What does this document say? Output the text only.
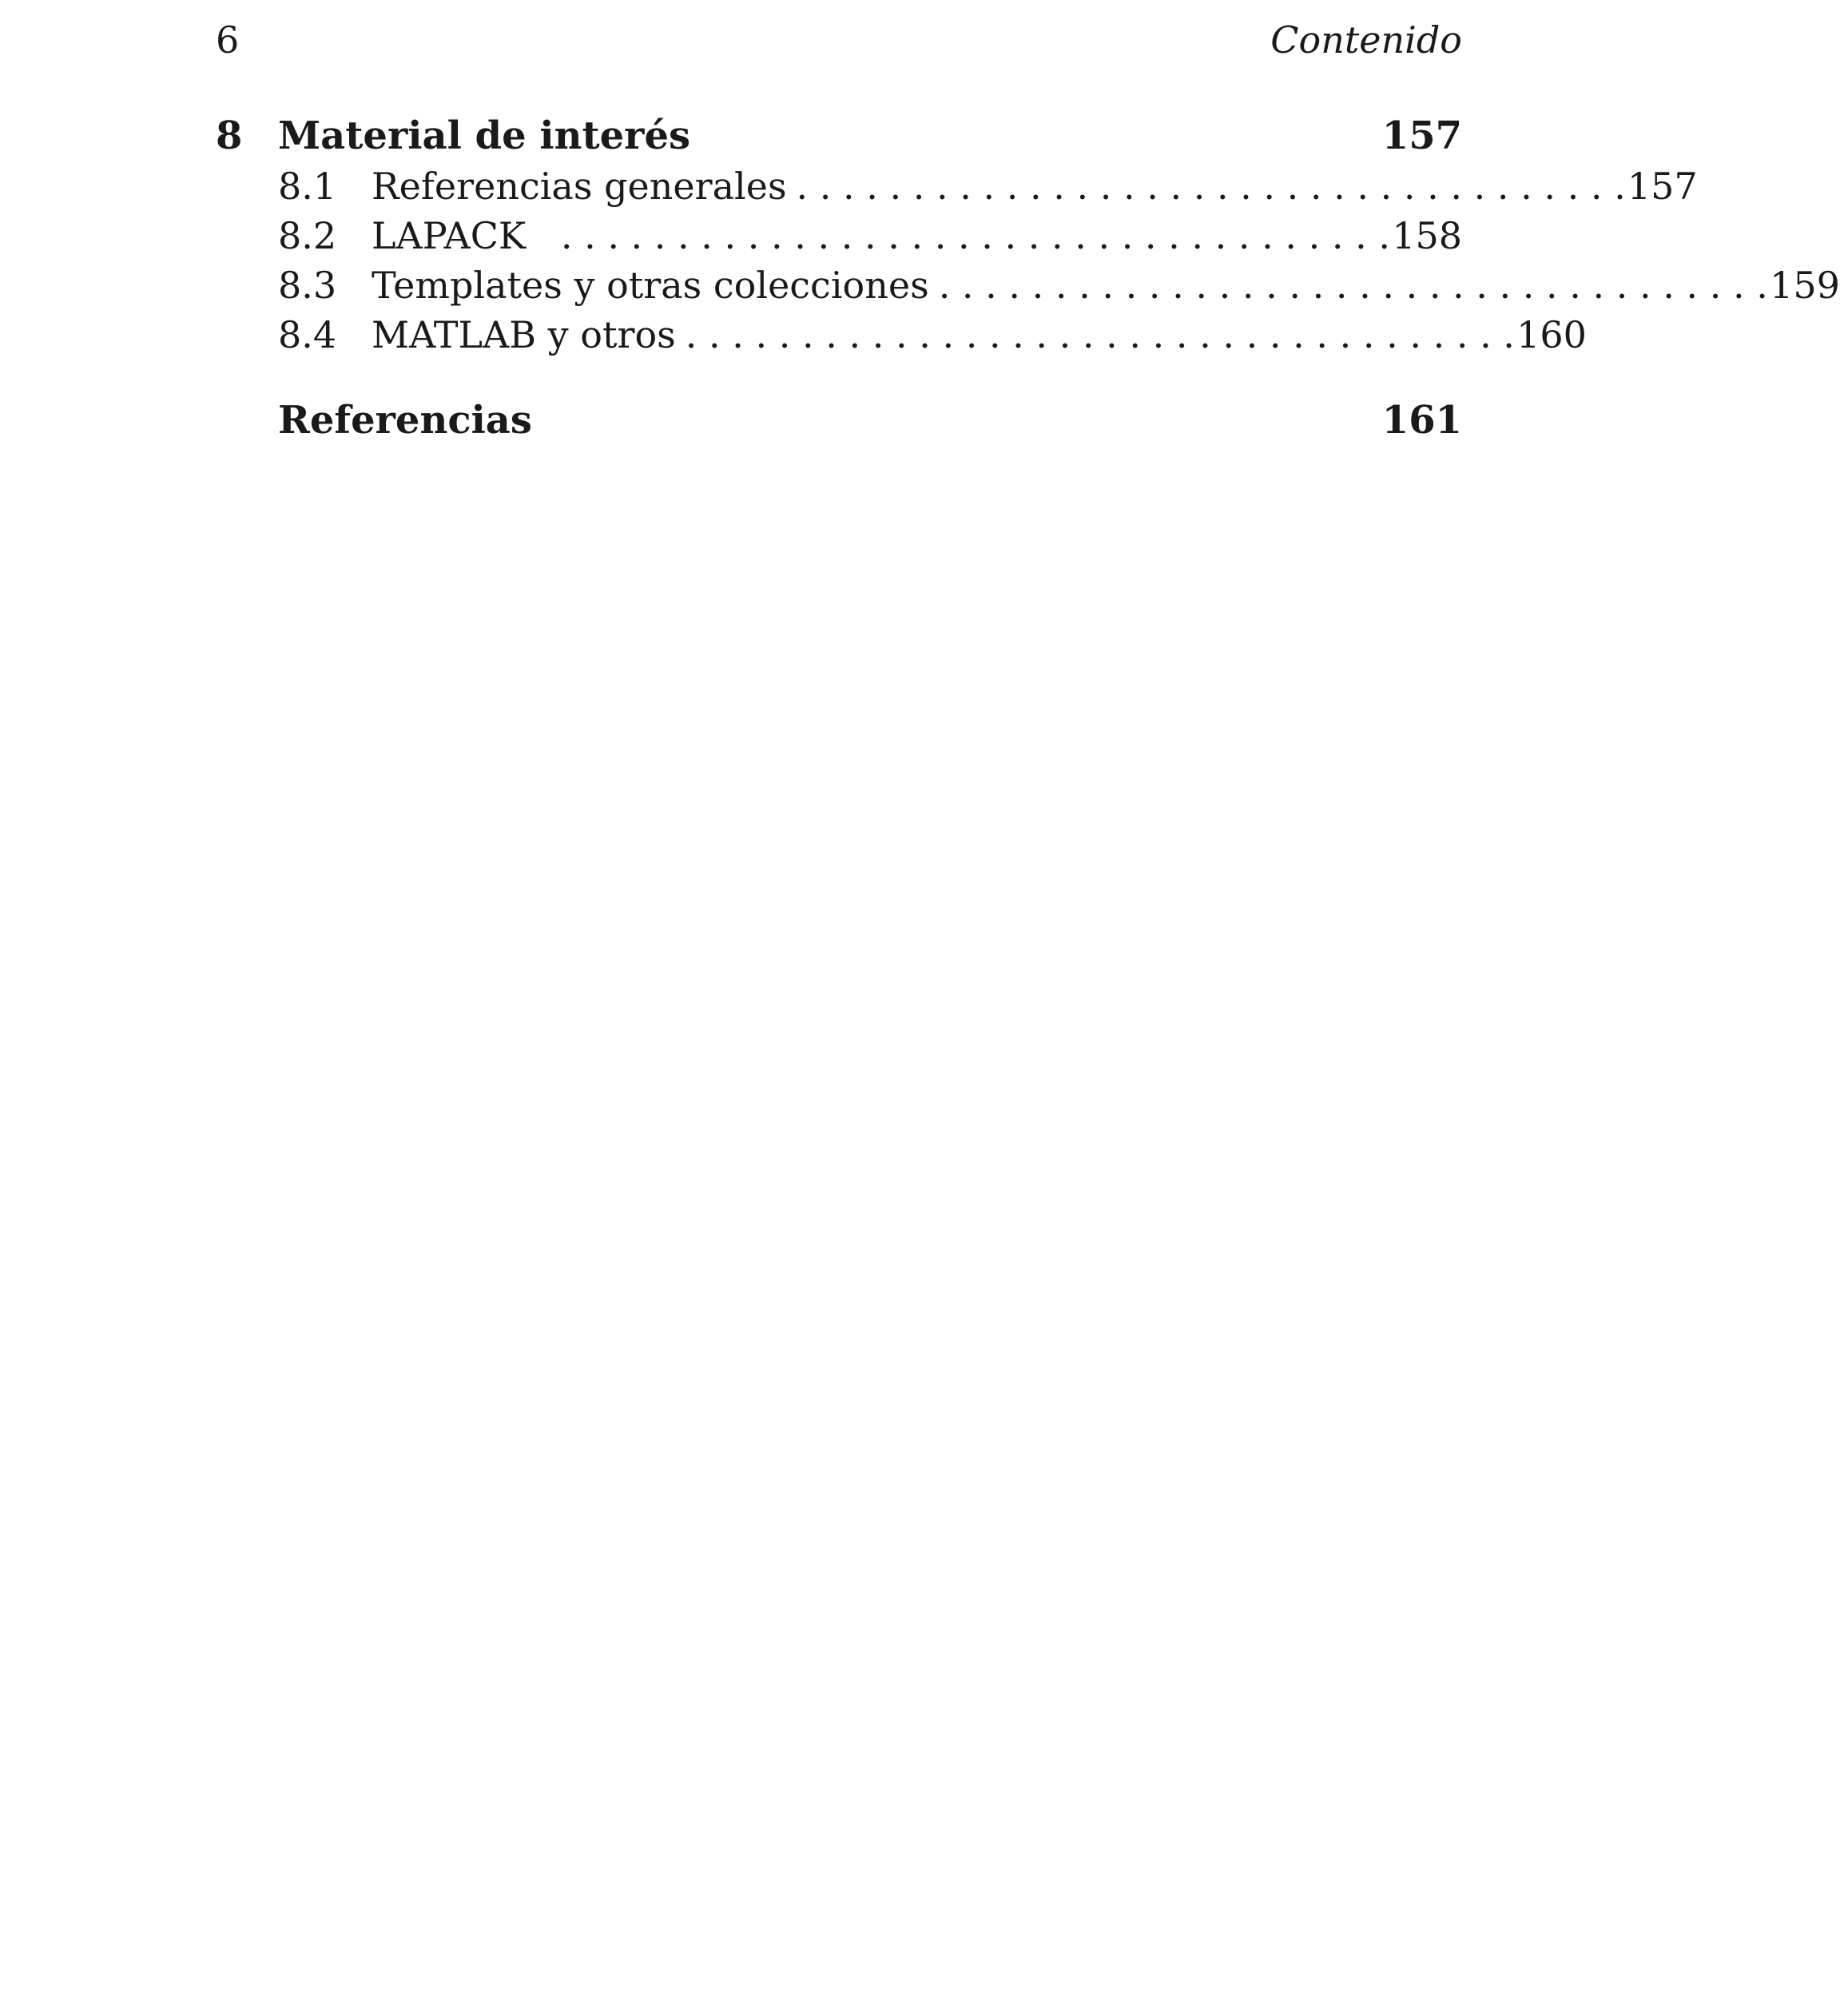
6	Contenido
8 Material de interés	157
8.1 Referencias generales . . . . . . . . . . . . . . . . . . . . . . . . . . . . . . . . . . . . 157
8.2 LAPACK . . . . . . . . . . . . . . . . . . . . . . . . . . . . . . . . . . . . 158
8.3 Templates y otras colecciones . . . . . . . . . . . . . . . . . . . . . . . . . . . . . . . . . . . . 159
8.4 MATLAB y otros . . . . . . . . . . . . . . . . . . . . . . . . . . . . . . . . . . . . 160
Referencias	161
